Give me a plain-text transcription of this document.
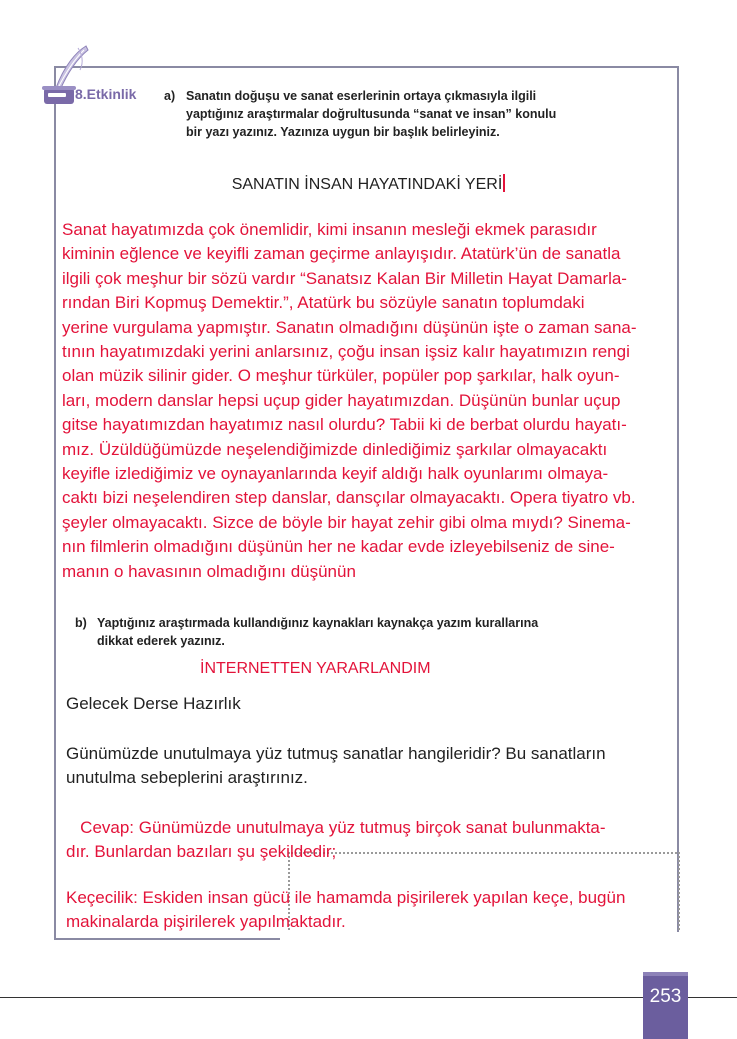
8.Etkinlik a) Sanatın doğuşu ve sanat eserlerinin ortaya çıkmasıyla ilgili
yaptığınız araştırmalar doğrultusunda “sanat ve insan” konulu
bir yazı yazınız. Yazınıza uygun bir başlık belirleyiniz.
SANATIN İNSAN HAYATINDAKİ YERİ
Sanat hayatımızda çok önemlidir, kimi insanın mesleği ekmek parasıdır
kiminin eğlence ve keyifli zaman geçirme anlayışıdır. Atatürk’ün de sanatla
ilgili çok meşhur bir sözü vardır “Sanatsız Kalan Bir Milletin Hayat Damarla-
rından Biri Kopmuş Demektir.”, Atatürk bu sözüyle sanatın toplumdaki
yerine vurgulama yapmıştır. Sanatın olmadığını düşünün işte o zaman sana-
tının hayatımızdaki yerini anlarsınız, çoğu insan işsiz kalır hayatımızın rengi
olan müzik silinir gider. O meşhur türküler, popüler pop şarkılar, halk oyun-
ları, modern danslar hepsi uçup gider hayatımızdan. Düşünün bunlar uçup
gitse hayatımızdan hayatımız nasıl olurdu? Tabii ki de berbat olurdu hayatı-
mız. Üzüldüğümüzde neşelendiğimizde dinlediğimiz şarkılar olmayacaktı
keyifle izlediğimiz ve oynayanlarında keyif aldığı halk oyunlarımı olmaya-
caktı bizi neşelendiren step danslar, dansçılar olmayacaktı. Opera tiyatro vb.
şeyler olmayacaktı. Sizce de böyle bir hayat zehir gibi olma mıydı? Sinema-
nın filmlerin olmadığını düşünün her ne kadar evde izleyebilseniz de sine-
manın o havasının olmadığını düşünün
b) Yaptığınız araştırmada kullandığınız kaynakları kaynakça yazım kurallarına
dikkat ederek yazınız.
İNTERNETTEN YARARLANDIM
Gelecek Derse Hazırlık
Günümüzde unutulmaya yüz tutmuş sanatlar hangileridir? Bu sanatların
unutulma sebeplerini araştırınız.
Cevap: Günümüzde unutulmaya yüz tutmuş birçok sanat bulunmakta-
dır. Bunlardan bazıları şu şekildedir;
Keçecilik: Eskiden insan gücü ile hamamda pişirilerek yapılan keçe, bugün
makinalarda pişirilerek yapılmaktadır.
253
